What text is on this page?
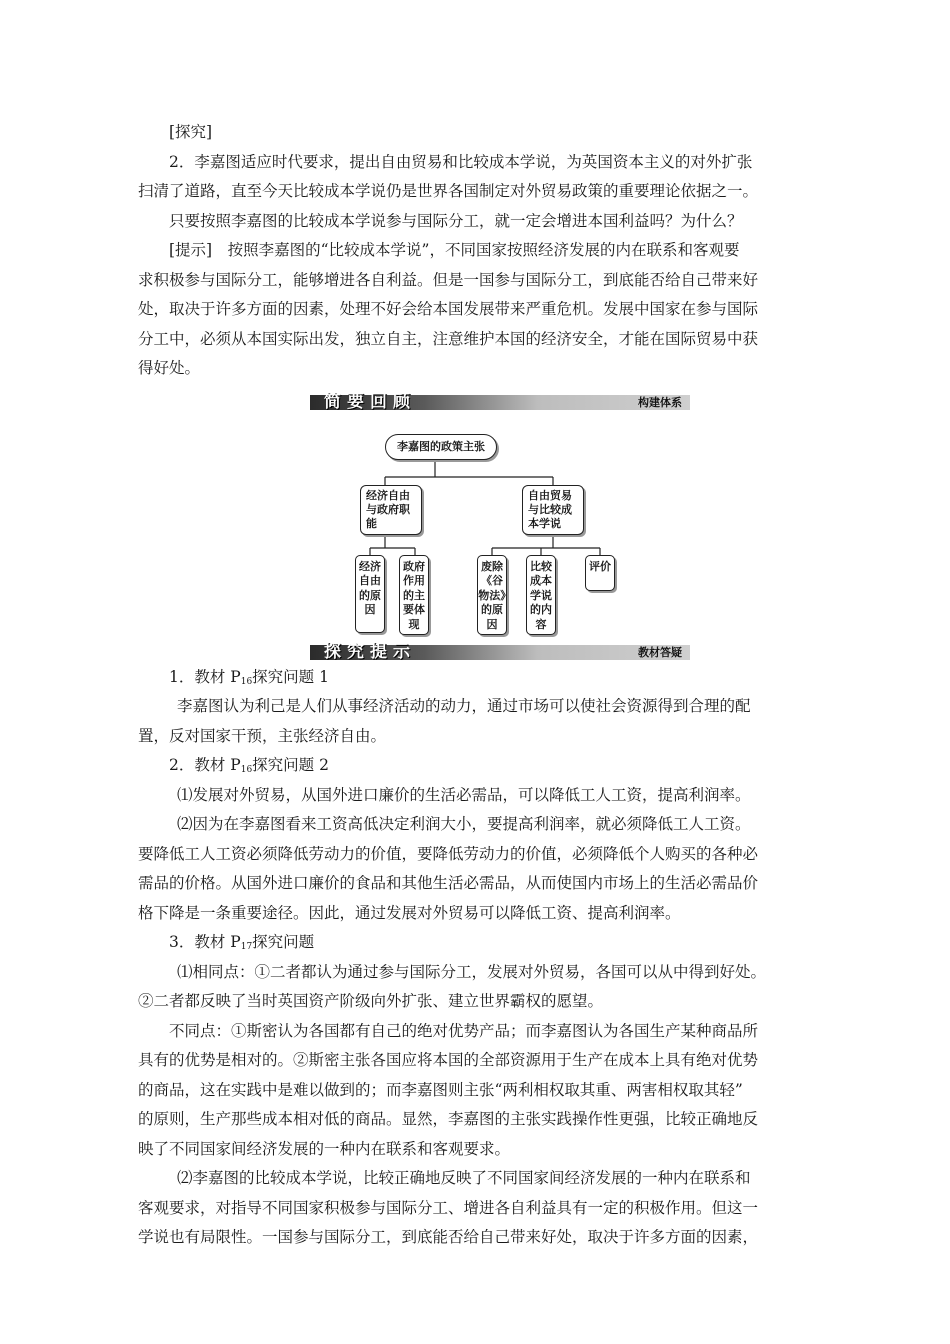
[探究]

2．李嘉图适应时代要求，提出自由贸易和比较成本学说，为英国资本主义的对外扩张

扫清了道路，直至今天比较成本学说仍是世界各国制定对外贸易政策的重要理论依据之一。

只要按照李嘉图的比较成本学说参与国际分工，就一定会增进本国利益吗？为什么？

[提示]　按照李嘉图的“比较成本学说”，不同国家按照经济发展的内在联系和客观要

求积极参与国际分工，能够增进各自利益。但是一国参与国际分工，到底能否给自己带来好

处，取决于许多方面的因素，处理不好会给本国发展带来严重危机。发展中国家在参与国际

分工中，必须从本国实际出发，独立自主，注意维护本国的经济安全，才能在国际贸易中获

得好处。

简要回顾	构建体系
李嘉图的政策主张
经济自由与政府职能
自由贸易与比较成本学说
经济自由的原因
政府作用的主要体现
废除《谷物法》的原因
比较成本学说的内容
评价
探究提示	教材答疑

1．教材 $P_{16}$探究问题 1

李嘉图认为利己是人们从事经济活动的动力，通过市场可以使社会资源得到合理的配

置，反对国家干预，主张经济自由。

2．教材 $P_{16}$探究问题 2

⑴发展对外贸易，从国外进口廉价的生活必需品，可以降低工人工资，提高利润率。

⑵因为在李嘉图看来工资高低决定利润大小，要提高利润率，就必须降低工人工资。

要降低工人工资必须降低劳动力的价值，要降低劳动力的价值，必须降低个人购买的各种必

需品的价格。从国外进口廉价的食品和其他生活必需品，从而使国内市场上的生活必需品价

格下降是一条重要途径。因此，通过发展对外贸易可以降低工资、提高利润率。

3．教材 $P_{17}$探究问题

⑴相同点：①二者都认为通过参与国际分工，发展对外贸易，各国可以从中得到好处。

②二者都反映了当时英国资产阶级向外扩张、建立世界霸权的愿望。

不同点：①斯密认为各国都有自己的绝对优势产品；而李嘉图认为各国生产某种商品所

具有的优势是相对的。②斯密主张各国应将本国的全部资源用于生产在成本上具有绝对优势

的商品，这在实践中是难以做到的；而李嘉图则主张“两利相权取其重、两害相权取其轻”

的原则，生产那些成本相对低的商品。显然，李嘉图的主张实践操作性更强，比较正确地反

映了不同国家间经济发展的一种内在联系和客观要求。

⑵李嘉图的比较成本学说，比较正确地反映了不同国家间经济发展的一种内在联系和

客观要求，对指导不同国家积极参与国际分工、增进各自利益具有一定的积极作用。但这一

学说也有局限性。一国参与国际分工，到底能否给自己带来好处，取决于许多方面的因素，
